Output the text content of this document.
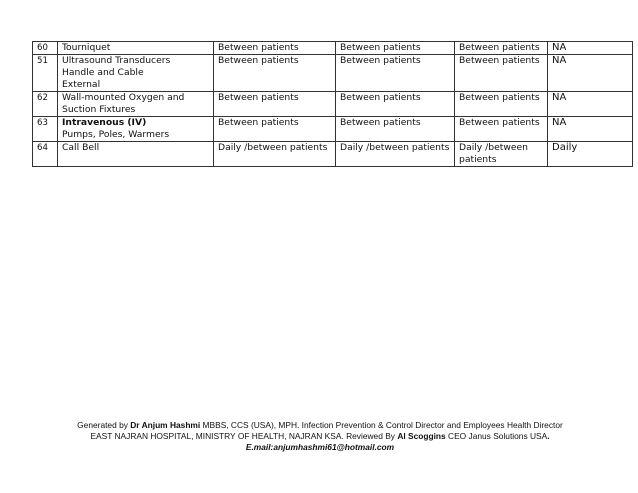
60	Tourniquet	Between patients	Between patients	Between patients	NA
51	Ultrasound Transducers
Handle and Cable
External	Between patients	Between patients	Between patients	NA
62	Wall-mounted Oxygen and
Suction Fixtures	Between patients	Between patients	Between patients	NA
63	Intravenous (IV)
Pumps, Poles, Warmers	Between patients	Between patients	Between patients	NA
64	Call Bell	Daily /between patients	Daily /between patients	Daily /between patients	Daily
Generated by Dr Anjum Hashmi MBBS, CCS (USA), MPH. Infection Prevention & Control Director and Employees Health Director
EAST NAJRAN HOSPITAL, MINISTRY OF HEALTH, NAJRAN KSA. Reviewed By Al Scoggins CEO Janus Solutions USA.
E.mail:anjumhashmi61@hotmail.com
